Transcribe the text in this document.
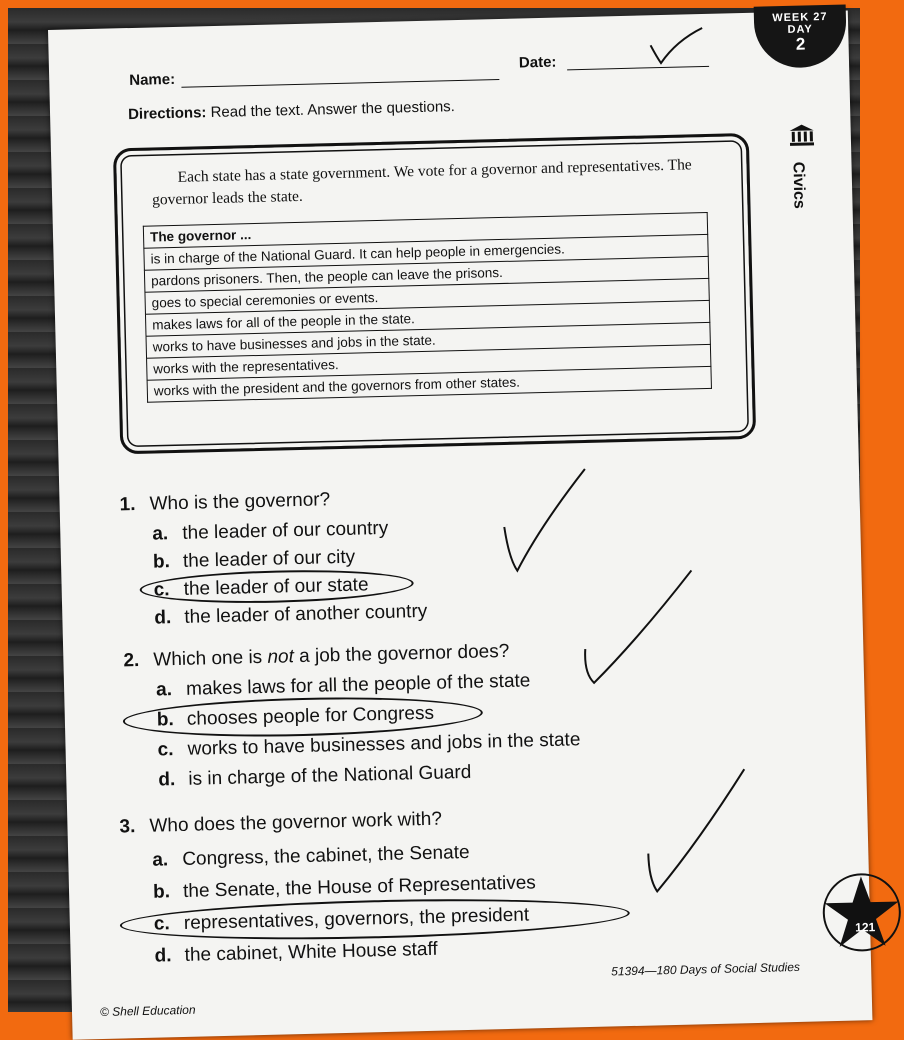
WEEK 27
DAY
2
Name:
Date:
Directions: Read the text. Answer the questions.
Each state has a state government. We vote for a governor and representatives. The governor leads the state.
The governor ...
is in charge of the National Guard. It can help people in emergencies.
pardons prisoners. Then, the people can leave the prisons.
goes to special ceremonies or events.
makes laws for all of the people in the state.
works to have businesses and jobs in the state.
works with the representatives.
works with the president and the governors from other states.
Civics
1. Who is the governor?
a. the leader of our country
b. the leader of our city
c. the leader of our state
d. the leader of another country
2. Which one is not a job the governor does?
a. makes laws for all the people of the state
b. chooses people for Congress
c. works to have businesses and jobs in the state
d. is in charge of the National Guard
3. Who does the governor work with?
a. Congress, the cabinet, the Senate
b. the Senate, the House of Representatives
c. representatives, governors, the president
d. the cabinet, White House staff
51394—180 Days of Social Studies
121
© Shell Education
